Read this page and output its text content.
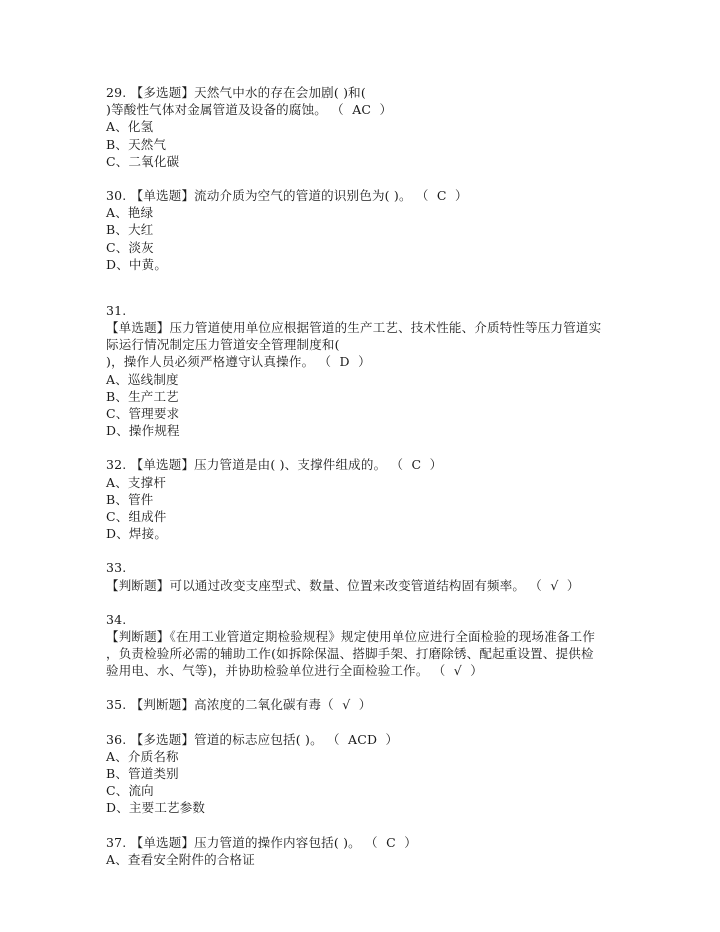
29. 【多选题】天然气中水的存在会加剧( )和(
)等酸性气体对金属管道及设备的腐蚀。 （  AC  ）
A、化氢
B、天然气
C、二氧化碳
30. 【单选题】流动介质为空气的管道的识别色为( )。 （  C  ）
A、艳绿
B、大红
C、淡灰
D、中黄。
31.
【单选题】压力管道使用单位应根据管道的生产工艺、技术性能、介质特性等压力管道实
际运行情况制定压力管道安全管理制度和(
)，操作人员必须严格遵守认真操作。 （  D  ）
A、巡线制度
B、生产工艺
C、管理要求
D、操作规程
32. 【单选题】压力管道是由( )、支撑件组成的。 （  C  ）
A、支撑杆
B、管件
C、组成件
D、焊接。
33.
【判断题】可以通过改变支座型式、数量、位置来改变管道结构固有频率。 （  √  ）
34.
【判断题】《在用工业管道定期检验规程》规定使用单位应进行全面检验的现场准备工作
，负责检验所必需的辅助工作(如拆除保温、搭脚手架、打磨除锈、配起重设置、提供检
验用电、水、气等)，并协助检验单位进行全面检验工作。 （  √  ）
35. 【判断题】高浓度的二氧化碳有毒（  √  ）
36. 【多选题】管道的标志应包括( )。 （  ACD  ）
A、介质名称
B、管道类别
C、流向
D、主要工艺参数
37. 【单选题】压力管道的操作内容包括( )。 （  C  ）
A、查看安全附件的合格证
